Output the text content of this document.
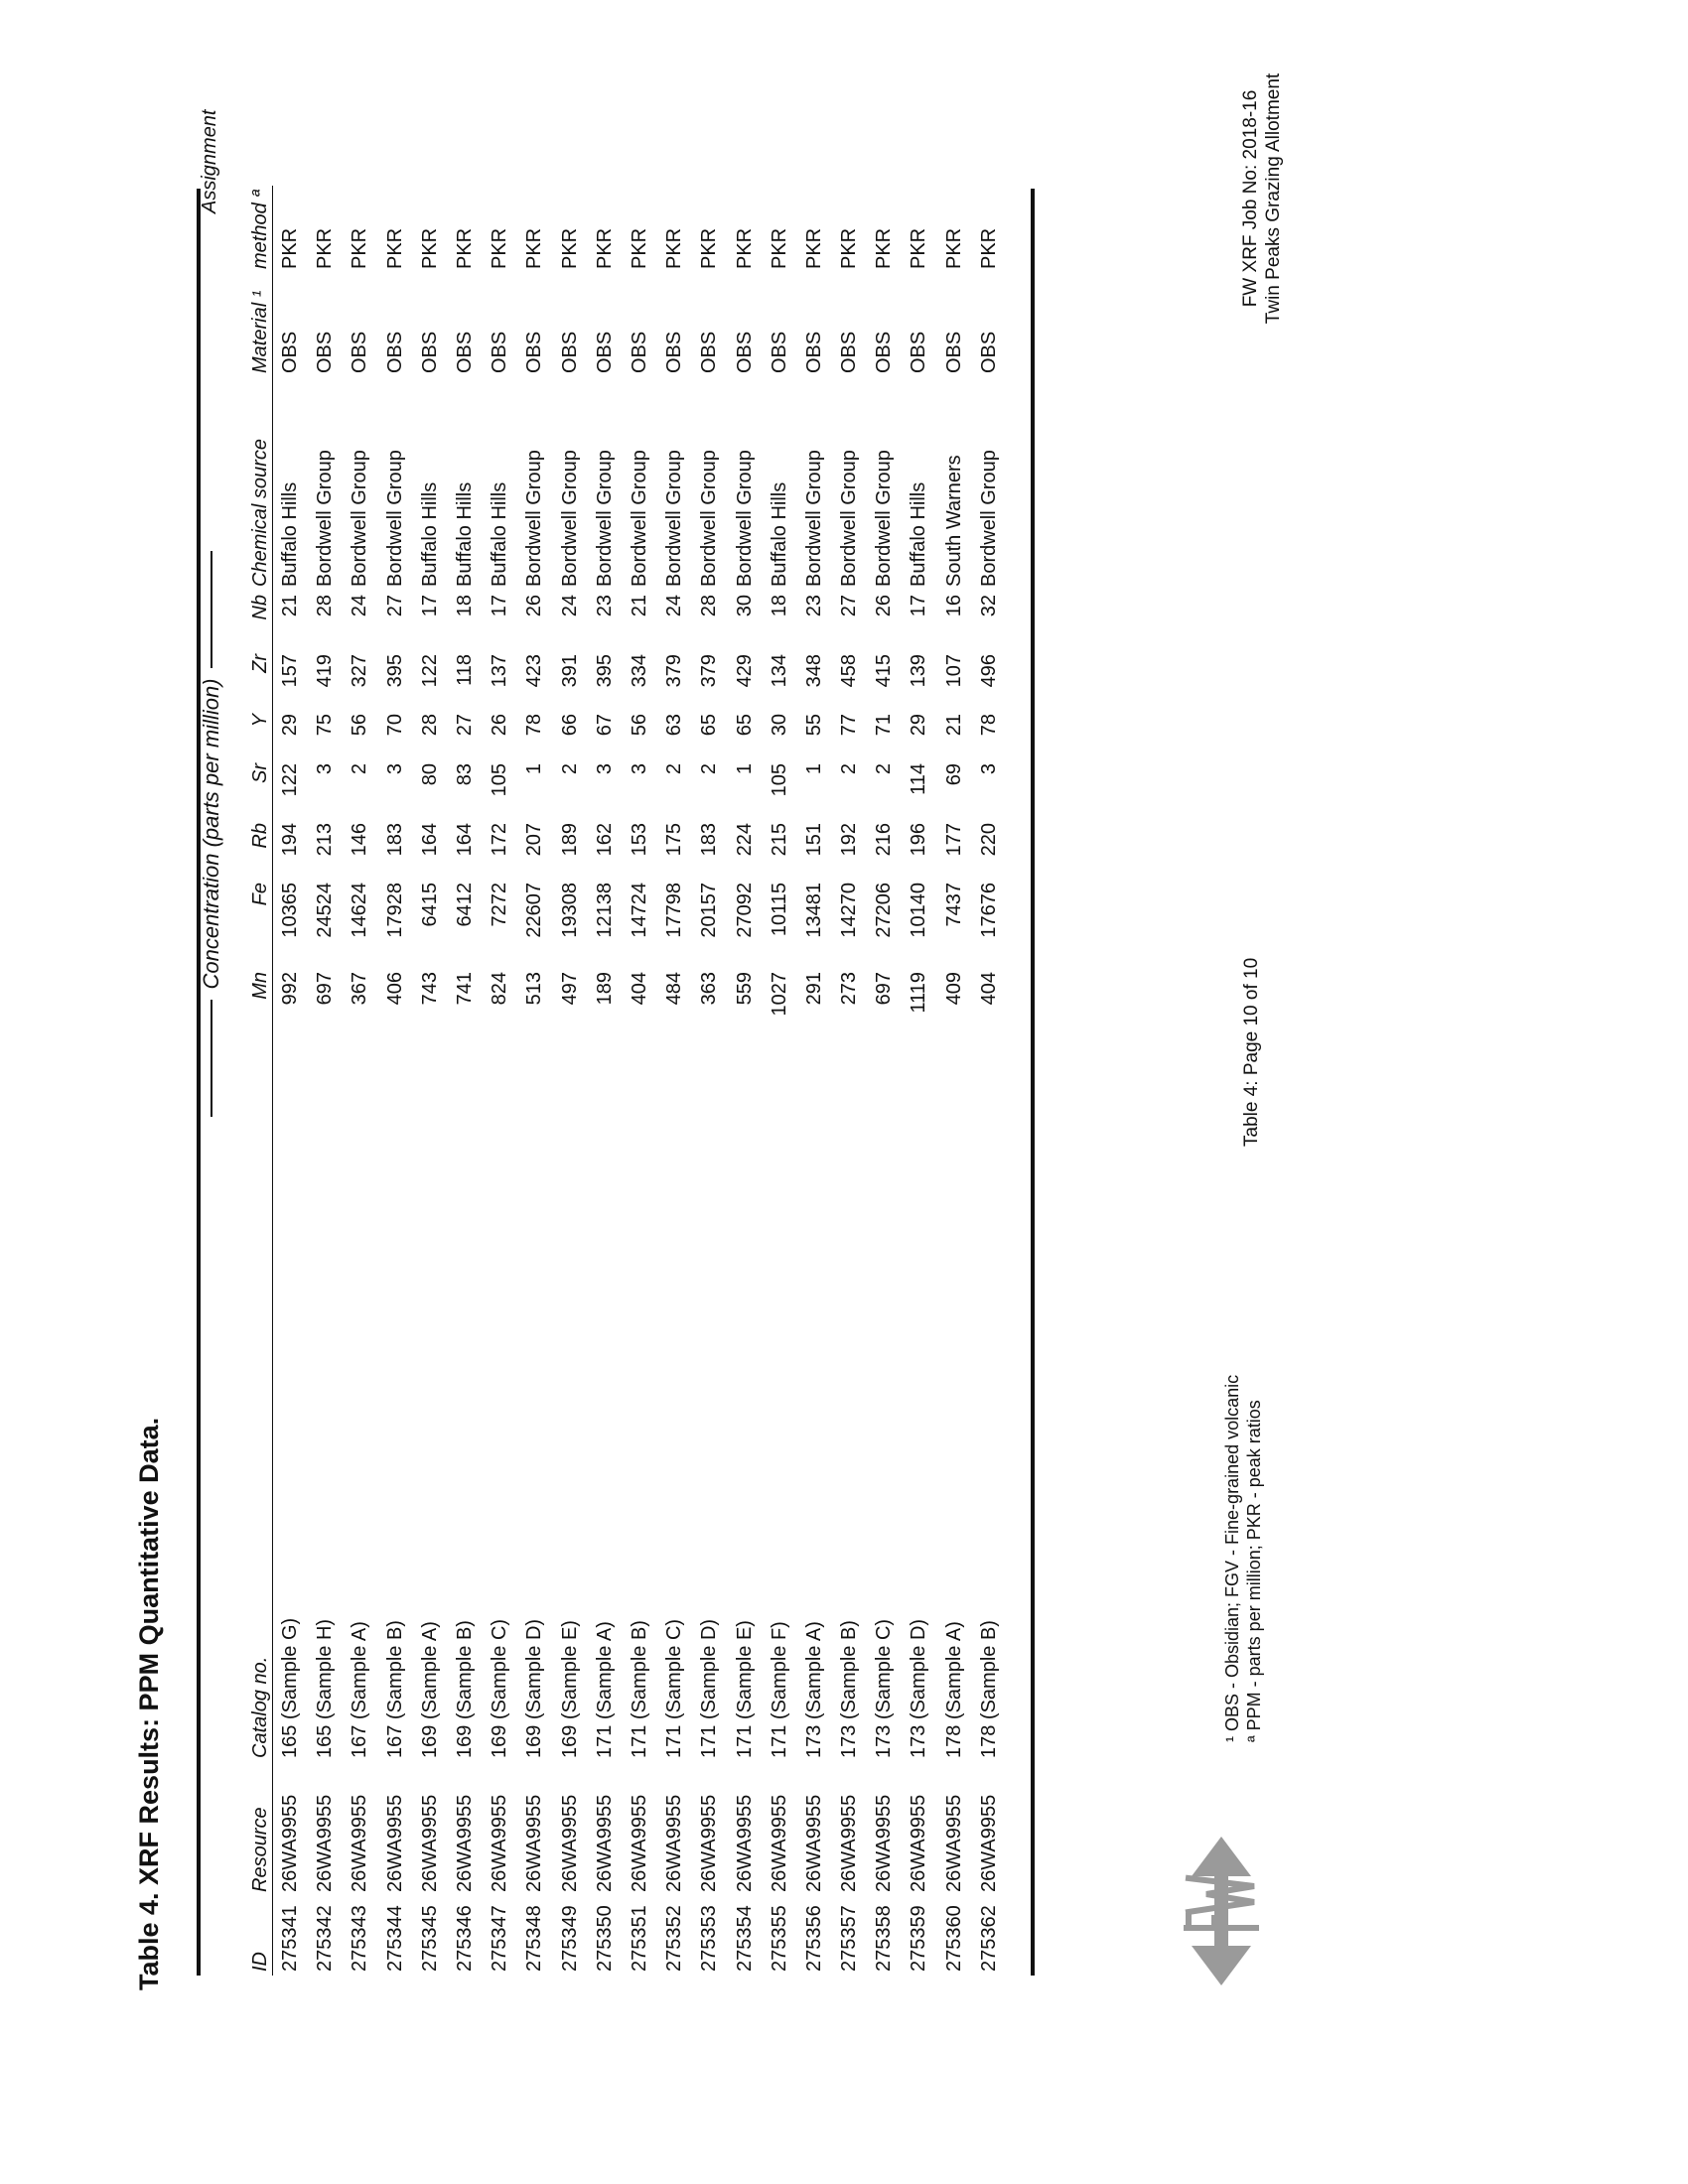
Table 4. XRF Results: PPM Quantitative Data.
Concentration (parts per million)
Assignment
ID	Resource	Catalog no.	Mn	Fe	Rb	Sr	Y	Zr	Nb	Chemical source	Material ¹	method ª
275341	26WA9955	165 (Sample G)	992	10365	194	122	29	157	21	Buffalo Hills	OBS	PKR
275342	26WA9955	165 (Sample H)	697	24524	213	3	75	419	28	Bordwell Group	OBS	PKR
275343	26WA9955	167 (Sample A)	367	14624	146	2	56	327	24	Bordwell Group	OBS	PKR
275344	26WA9955	167 (Sample B)	406	17928	183	3	70	395	27	Bordwell Group	OBS	PKR
275345	26WA9955	169 (Sample A)	743	6415	164	80	28	122	17	Buffalo Hills	OBS	PKR
275346	26WA9955	169 (Sample B)	741	6412	164	83	27	118	18	Buffalo Hills	OBS	PKR
275347	26WA9955	169 (Sample C)	824	7272	172	105	26	137	17	Buffalo Hills	OBS	PKR
275348	26WA9955	169 (Sample D)	513	22607	207	1	78	423	26	Bordwell Group	OBS	PKR
275349	26WA9955	169 (Sample E)	497	19308	189	2	66	391	24	Bordwell Group	OBS	PKR
275350	26WA9955	171 (Sample A)	189	12138	162	3	67	395	23	Bordwell Group	OBS	PKR
275351	26WA9955	171 (Sample B)	404	14724	153	3	56	334	21	Bordwell Group	OBS	PKR
275352	26WA9955	171 (Sample C)	484	17798	175	2	63	379	24	Bordwell Group	OBS	PKR
275353	26WA9955	171 (Sample D)	363	20157	183	2	65	379	28	Bordwell Group	OBS	PKR
275354	26WA9955	171 (Sample E)	559	27092	224	1	65	429	30	Bordwell Group	OBS	PKR
275355	26WA9955	171 (Sample F)	1027	10115	215	105	30	134	18	Buffalo Hills	OBS	PKR
275356	26WA9955	173 (Sample A)	291	13481	151	1	55	348	23	Bordwell Group	OBS	PKR
275357	26WA9955	173 (Sample B)	273	14270	192	2	77	458	27	Bordwell Group	OBS	PKR
275358	26WA9955	173 (Sample C)	697	27206	216	2	71	415	26	Bordwell Group	OBS	PKR
275359	26WA9955	173 (Sample D)	1119	10140	196	114	29	139	17	Buffalo Hills	OBS	PKR
275360	26WA9955	178 (Sample A)	409	7437	177	69	21	107	16	South Warners	OBS	PKR
275362	26WA9955	178 (Sample B)	404	17676	220	3	78	496	32	Bordwell Group	OBS	PKR
¹ OBS - Obsidian; FGV - Fine-grained volcanic ª PPM - parts per million; PKR - peak ratios
Table 4: Page 10 of 10
FW XRF Job No: 2018-16 Twin Peaks Grazing Allotment
